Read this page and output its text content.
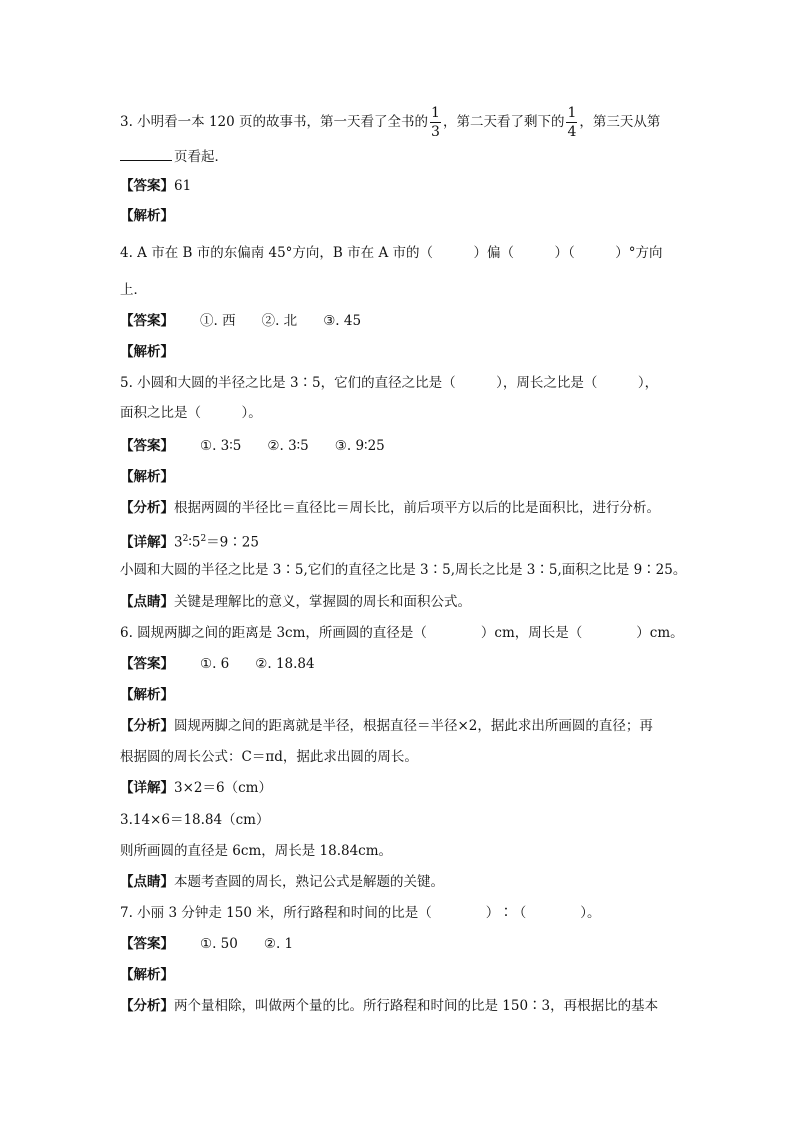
3. 小明看一本 120 页的故事书，第一天看了全书的 $\frac{1}{3}$ ，第二天看了剩下的 $\frac{1}{4}$ ，第三天从第
页看起．
【答案】61
【解析】
4. A 市在 B 市的东偏南 45°方向，B 市在 A 市的（　　　）偏（　　　）（　　　）°方向
上．
【答案】 ①. 西 ②. 北 ③. 45
【解析】
5. 小圆和大圆的半径之比是 3∶5，它们的直径之比是（　　　），周长之比是（　　　），
面积之比是（　　　）。
【答案】 ①. 3∶5 ②. 3∶5 ③. 9∶25
【解析】
【分析】根据两圆的半径比＝直径比＝周长比，前后项平方以后的比是面积比，进行分析。
【详解】$3^2∶5^2=9∶25$
小圆和大圆的半径之比是 3∶5,它们的直径之比是 3∶5,周长之比是 3∶5,面积之比是 9∶25。
【点睛】关键是理解比的意义，掌握圆的周长和面积公式。
6. 圆规两脚之间的距离是 3cm，所画圆的直径是（　　　　）cm，周长是（　　　　）cm。
【答案】 ①. 6 ②. 18.84
【解析】
【分析】圆规两脚之间的距离就是半径，根据直径＝半径×2，据此求出所画圆的直径；再
根据圆的周长公式：C＝πd，据此求出圆的周长。
【详解】3×2＝6（cm）
3.14×6＝18.84（cm）
则所画圆的直径是 6cm，周长是 18.84cm。
【点睛】本题考查圆的周长，熟记公式是解题的关键。
7. 小丽 3 分钟走 150 米，所行路程和时间的比是（　　　　）∶（　　　　）。
【答案】 ①. 50 ②. 1
【解析】
【分析】两个量相除，叫做两个量的比。所行路程和时间的比是 150∶3，再根据比的基本
